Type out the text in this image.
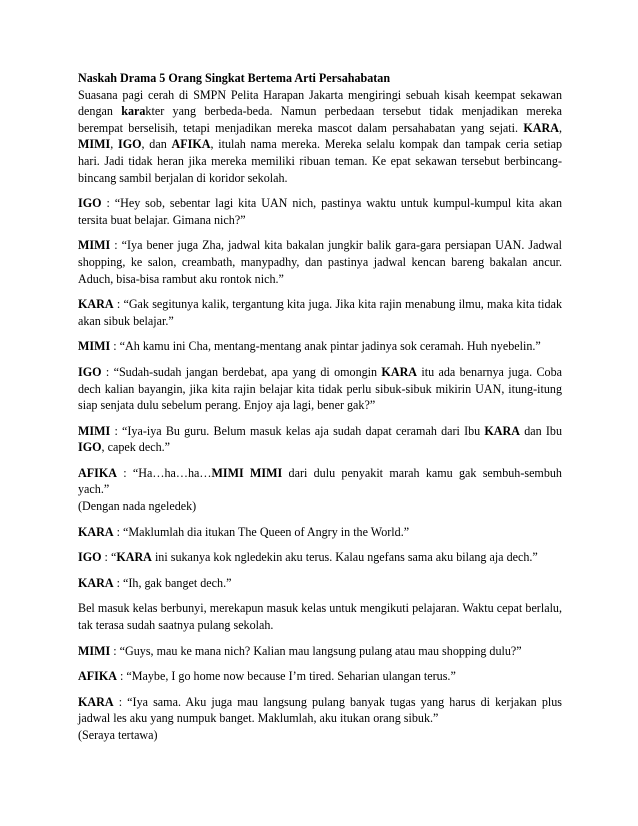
Naskah Drama 5 Orang Singkat Bertema Arti Persahabatan

Suasana pagi cerah di SMPN Pelita Harapan Jakarta mengiringi sebuah kisah keempat sekawan dengan karakter yang berbeda-beda. Namun perbedaan tersebut tidak menjadikan mereka berempat berselisih, tetapi menjadikan mereka mascot dalam persahabatan yang sejati. KARA, MIMI, IGO, dan AFIKA, itulah nama mereka. Mereka selalu kompak dan tampak ceria setiap hari. Jadi tidak heran jika mereka memiliki ribuan teman. Ke epat sekawan tersebut berbincang-bincang sambil berjalan di koridor sekolah.

IGO : “Hey sob, sebentar lagi kita UAN nich, pastinya waktu untuk kumpul-kumpul kita akan tersita buat belajar. Gimana nich?”

MIMI : “Iya bener juga Zha, jadwal kita bakalan jungkir balik gara-gara persiapan UAN. Jadwal shopping, ke salon, creambath, manypadhy, dan pastinya jadwal kencan bareng bakalan ancur. Aduch, bisa-bisa rambut aku rontok nich.”

KARA : “Gak segitunya kalik, tergantung kita juga. Jika kita rajin menabung ilmu, maka kita tidak akan sibuk belajar.”

MIMI : “Ah kamu ini Cha, mentang-mentang anak pintar jadinya sok ceramah. Huh nyebelin.”

IGO : “Sudah-sudah jangan berdebat, apa yang di omongin KARA itu ada benarnya juga. Coba dech kalian bayangin, jika kita rajin belajar kita tidak perlu sibuk-sibuk mikirin UAN, itung-itung siap senjata dulu sebelum perang. Enjoy aja lagi, bener gak?”

MIMI : “Iya-iya Bu guru. Belum masuk kelas aja sudah dapat ceramah dari Ibu KARA dan Ibu IGO, capek dech.”

AFIKA : “Ha…ha…ha…MIMI MIMI dari dulu penyakit marah kamu gak sembuh-sembuh yach.”
(Dengan nada ngeledek)

KARA : “Maklumlah dia itukan The Queen of Angry in the World.”

IGO : “KARA ini sukanya kok ngledekin aku terus. Kalau ngefans sama aku bilang aja dech.”

KARA : “Ih, gak banget dech.”

Bel masuk kelas berbunyi, merekapun masuk kelas untuk mengikuti pelajaran. Waktu cepat berlalu, tak terasa sudah saatnya pulang sekolah.

MIMI : “Guys, mau ke mana nich? Kalian mau langsung pulang atau mau shopping dulu?”

AFIKA : “Maybe, I go home now because I’m tired. Seharian ulangan terus.”

KARA : “Iya sama. Aku juga mau langsung pulang banyak tugas yang harus di kerjakan plus jadwal les aku yang numpuk banget. Maklumlah, aku itukan orang sibuk.”
(Seraya tertawa)
